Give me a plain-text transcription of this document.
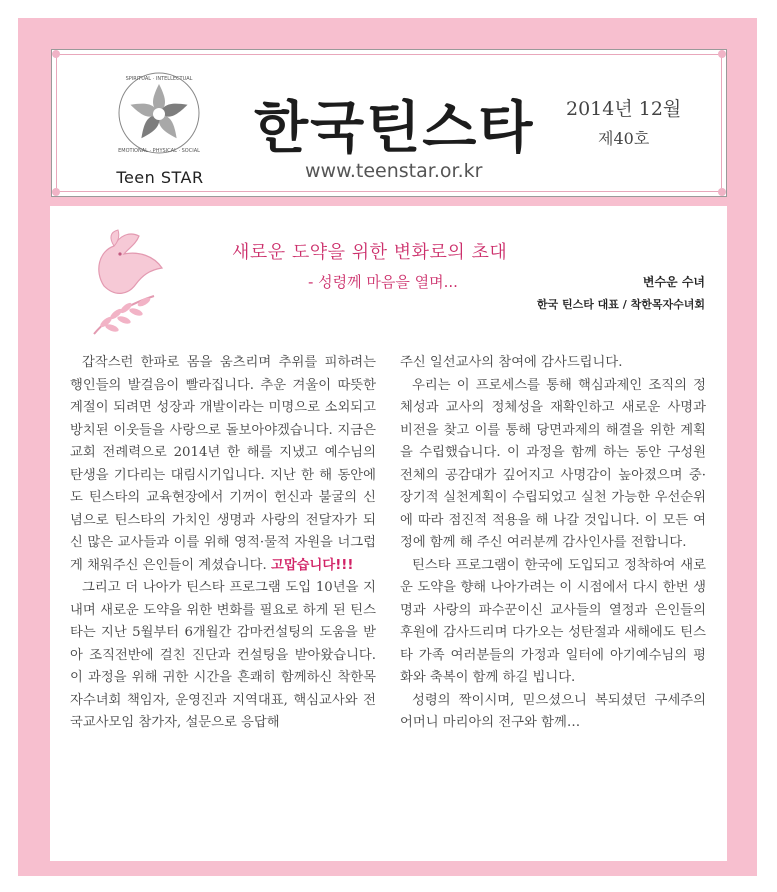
SPIRITUAL · INTELLECTUAL
EMOTIONAL · PHYSICAL · SOCIAL
Teen STAR
한국틴스타
www.teenstar.or.kr
2014년 12월
제40호
새로운 도약을 위한 변화로의 초대
- 성령께 마음을 열며...	변수운 수녀
한국 틴스타 대표 / 착한목자수녀회

갑작스런 한파로 몸을 움츠리며 추위를 피하려는 행인들의 발걸음이 빨라집니다. 추운 겨울이 따뜻한 계절이 되려면 성장과 개발이라는 미명으로 소외되고 방치된 이웃들을 사랑으로 돌보아야겠습니다. 지금은 교회 전례력으로 2014년 한 해를 지냈고 예수님의 탄생을 기다리는 대림시기입니다. 지난 한 해 동안에도 틴스타의 교육현장에서 기꺼이 헌신과 불굴의 신념으로 틴스타의 가치인 생명과 사랑의 전달자가 되신 많은 교사들과 이를 위해 영적·물적 자원을 너그럽게 채워주신 은인들이 계셨습니다. 고맙습니다!!!

그리고 더 나아가 틴스타 프로그램 도입 10년을 지내며 새로운 도약을 위한 변화를 필요로 하게 된 틴스타는 지난 5월부터 6개월간 감마컨설팅의 도움을 받아 조직전반에 걸친 진단과 컨설팅을 받아왔습니다. 이 과정을 위해 귀한 시간을 흔쾌히 함께하신 착한목자수녀회 책임자, 운영진과 지역대표, 핵심교사와 전국교사모임 참가자, 설문으로 응답해

주신 일선교사의 참여에 감사드립니다.

우리는 이 프로세스를 통해 핵심과제인 조직의 정체성과 교사의 정체성을 재확인하고 새로운 사명과 비전을 찾고 이를 통해 당면과제의 해결을 위한 계획을 수립했습니다. 이 과정을 함께 하는 동안 구성원 전체의 공감대가 깊어지고 사명감이 높아졌으며 중·장기적 실천계획이 수립되었고 실천 가능한 우선순위에 따라 점진적 적용을 해 나갈 것입니다. 이 모든 여정에 함께 해 주신 여러분께 감사인사를 전합니다.

틴스타 프로그램이 한국에 도입되고 정착하여 새로운 도약을 향해 나아가려는 이 시점에서 다시 한번 생명과 사랑의 파수꾼이신 교사들의 열정과 은인들의 후원에 감사드리며 다가오는 성탄절과 새해에도 틴스타 가족 여러분들의 가정과 일터에 아기예수님의 평화와 축복이 함께 하길 빕니다.

성령의 짝이시며, 믿으셨으니 복되셨던 구세주의 어머니 마리아의 전구와 함께…
